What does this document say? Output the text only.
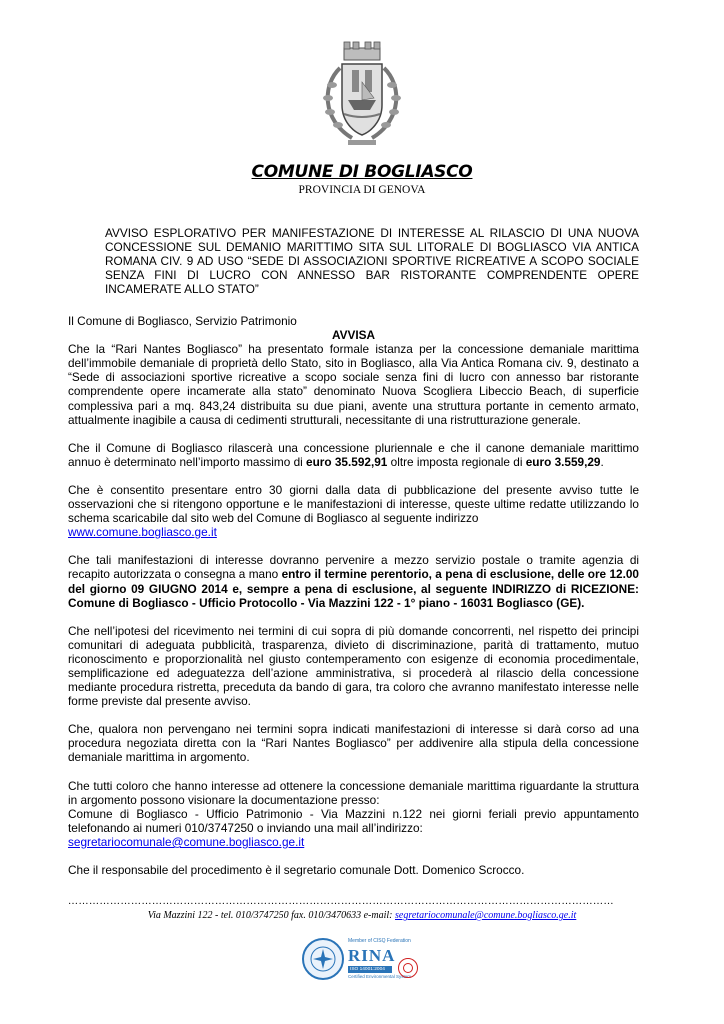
COMUNE DI BOGLIASCO
PROVINCIA DI GENOVA
AVVISO ESPLORATIVO PER MANIFESTAZIONE DI INTERESSE AL RILASCIO DI UNA NUOVA CONCESSIONE SUL DEMANIO MARITTIMO SITA SUL LITORALE DI BOGLIASCO VIA ANTICA ROMANA CIV. 9 AD USO “SEDE DI ASSOCIAZIONI SPORTIVE RICREATIVE A SCOPO SOCIALE SENZA FINI DI LUCRO CON ANNESSO BAR RISTORANTE COMPRENDENTE OPERE INCAMERATE ALLO STATO”

Il Comune di Bogliasco, Servizio Patrimonio

AVVISA

Che la “Rari Nantes Bogliasco” ha presentato formale istanza per la concessione demaniale marittima dell’immobile demaniale di proprietà dello Stato, sito in Bogliasco, alla Via Antica Romana civ. 9, destinato a “Sede di associazioni sportive ricreative a scopo sociale senza fini di lucro con annesso bar ristorante comprendente opere incamerate alla stato” denominato Nuova Scogliera Libeccio Beach, di superficie complessiva pari a mq. 843,24 distribuita su due piani, avente una struttura portante in cemento armato, attualmente inagibile a causa di cedimenti strutturali, necessitante di una ristrutturazione generale.

Che il Comune di Bogliasco rilascerà una concessione pluriennale e che il canone demaniale marittimo annuo è determinato nell’importo massimo di euro 35.592,91 oltre imposta regionale di euro 3.559,29.

Che è consentito presentare entro 30 giorni dalla data di pubblicazione del presente avviso tutte le osservazioni che si ritengono opportune e le manifestazioni di interesse, queste ultime redatte utilizzando lo schema scaricabile dal sito web del Comune di Bogliasco al seguente indirizzo
www.comune.bogliasco.ge.it

Che tali manifestazioni di interesse dovranno pervenire a mezzo servizio postale o tramite agenzia di recapito autorizzata o consegna a mano entro il termine perentorio, a pena di esclusione, delle ore 12.00 del giorno 09 GIUGNO 2014 e, sempre a pena di esclusione, al seguente INDIRIZZO di RICEZIONE: Comune di Bogliasco - Ufficio Protocollo - Via Mazzini 122 - 1° piano - 16031 Bogliasco (GE).

Che nell’ipotesi del ricevimento nei termini di cui sopra di più domande concorrenti, nel rispetto dei principi comunitari di adeguata pubblicità, trasparenza, divieto di discriminazione, parità di trattamento, mutuo riconoscimento e proporzionalità nel giusto contemperamento con esigenze di economia procedimentale, semplificazione ed adeguatezza dell’azione amministrativa, si procederà al rilascio della concessione mediante procedura ristretta, preceduta da bando di gara, tra coloro che avranno manifestato interesse nelle forme previste dal presente avviso.

Che, qualora non pervengano nei termini sopra indicati manifestazioni di interesse si darà corso ad una procedura negoziata diretta con la “Rari Nantes Bogliasco” per addivenire alla stipula della concessione demaniale marittima in argomento.

Che tutti coloro che hanno interesse ad ottenere la concessione demaniale marittima riguardante la struttura in argomento possono visionare la documentazione presso:
Comune di Bogliasco - Ufficio Patrimonio - Via Mazzini n.122 nei giorni feriali previo appuntamento telefonando ai numeri 010/3747250 o inviando una mail all’indirizzo:
segretariocomunale@comune.bogliasco.ge.it

Che il responsabile del procedimento è il segretario comunale Dott. Domenico Scrocco.

…………………………………………………………………………………………………………………………………………
Via Mazzini 122 - tel. 010/3747250 fax. 010/3470633 e-mail: segretariocomunale@comune.bogliasco.ge.it
Member of CISQ Federation
RINA
ISO 14001:2004
Certified Environmental System
